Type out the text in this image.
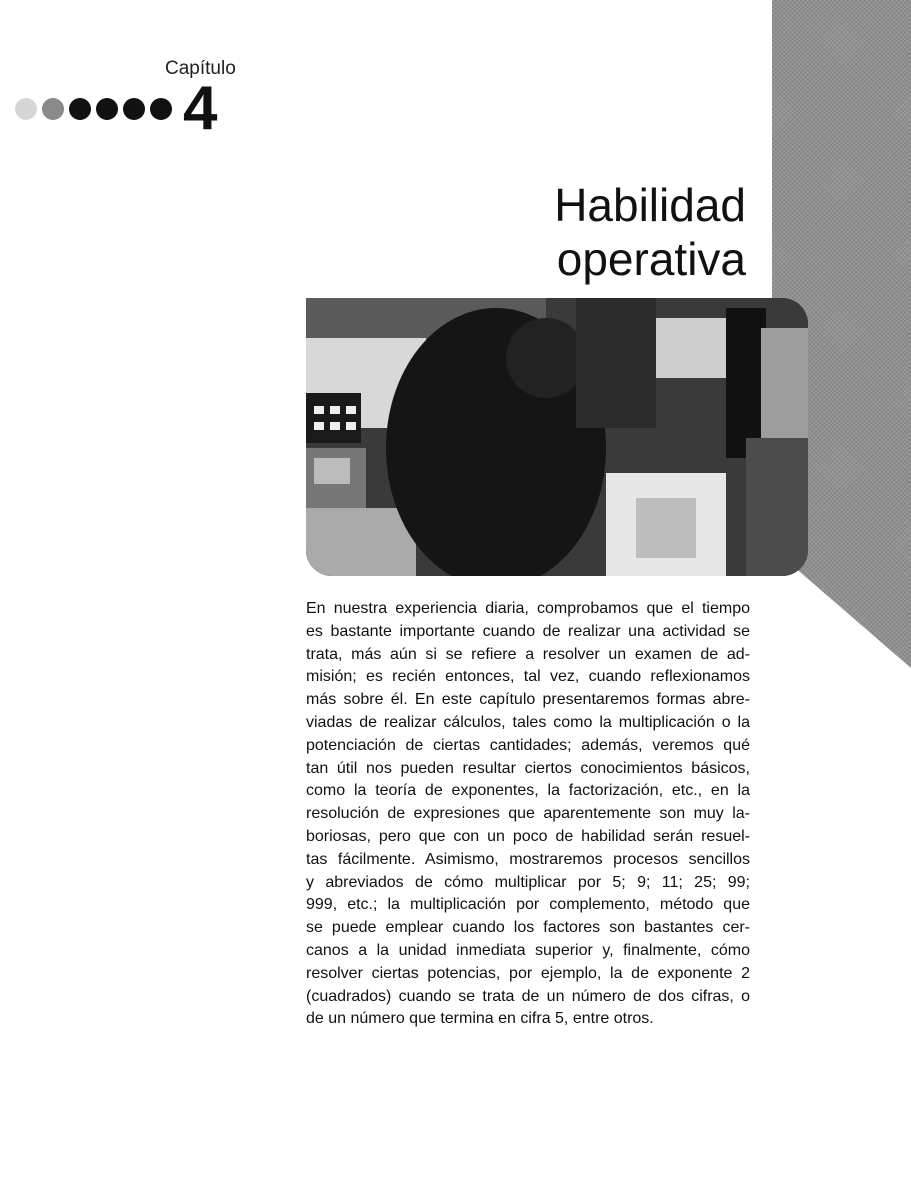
Capítulo
4
Habilidad
operativa

En nuestra experiencia diaria, comprobamos que el tiempo
es bastante importante cuando de realizar una actividad se
trata, más aún si se refiere a resolver un examen de ad-
misión; es recién entonces, tal vez, cuando reflexionamos
más sobre él. En este capítulo presentaremos formas abre-
viadas de realizar cálculos, tales como la multiplicación o la
potenciación de ciertas cantidades; además, veremos qué
tan útil nos pueden resultar ciertos conocimientos básicos,
como la teoría de exponentes, la factorización, etc., en la
resolución de expresiones que aparentemente son muy la-
boriosas, pero que con un poco de habilidad serán resuel-
tas fácilmente. Asimismo, mostraremos procesos sencillos
y abreviados de cómo multiplicar por 5; 9; 11; 25; 99;
999, etc.; la multiplicación por complemento, método que
se puede emplear cuando los factores son bastantes cer-
canos a la unidad inmediata superior y, finalmente, cómo
resolver ciertas potencias, por ejemplo, la de exponente 2
(cuadrados) cuando se trata de un número de dos cifras, o
de un número que termina en cifra 5, entre otros.
